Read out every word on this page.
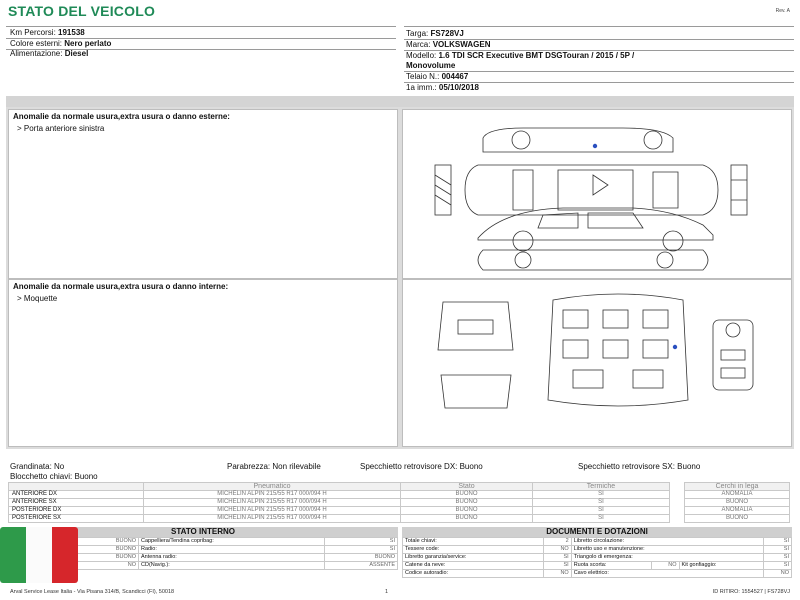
STATO DEL VEICOLO	Rev. A
Km Percorsi: 191538
Colore esterni: Nero perlato
Alimentazione: Diesel
Targa: FS728VJ
Marca: VOLKSWAGEN
Modello: 1.6 TDI SCR Executive BMT DSGTouran / 2015 / 5P /
Monovolume
Telaio N.: 004467
1a imm.: 05/10/2018
Anomalie da normale usura,extra usura o danno esterne:
> Porta anteriore sinistra
Anomalie da normale usura,extra usura o danno interne:
> Moquette
Grandinata: No	Parabrezza: Non rilevabile	Specchietto retrovisore DX: Buono	Specchietto retrovisore SX: Buono
Blocchetto chiavi: Buono
	Pneumatico	Stato	Termiche		Cerchi in lega
ANTERIORE DX	MICHELIN ALPIN 215/55 R17 000/094 H	BUONO	SI		ANOMALIA
ANTERIORE SX	MICHELIN ALPIN 215/55 R17 000/094 H	BUONO	SI		BUONO
POSTERIORE DX	MICHELIN ALPIN 215/55 R17 000/094 H	BUONO	SI		ANOMALIA
POSTERIORE SX	MICHELIN ALPIN 215/55 R17 000/094 H	BUONO	SI		BUONO
STATO INTERNO
	BUONO	Cappelliera/Tendina copribag:	SI
	BUONO	Radio:	SI
	BUONO	Antenna radio:	BUONO
	NO	CD(Navig.):	ASSENTE
DOCUMENTI E DOTAZIONI
Totale chiavi:	2	Libretto circolazione:			SI
Tessere code:	NO	Libretto uso e manutenzione:			SI
Libretto garanzia/service:	SI	Triangolo di emergenza:			SI
Catene da neve:	SI	Ruota scorta:	NO	Kit gonfiaggio:	SI
Codice autoradio:	NO	Cavo elettrico:			NO
Arval Service Lease Italia - Via Pisana 314/B, Scandicci (FI), 50018	1	ID RITIRO: 1554527 | FS728VJ
